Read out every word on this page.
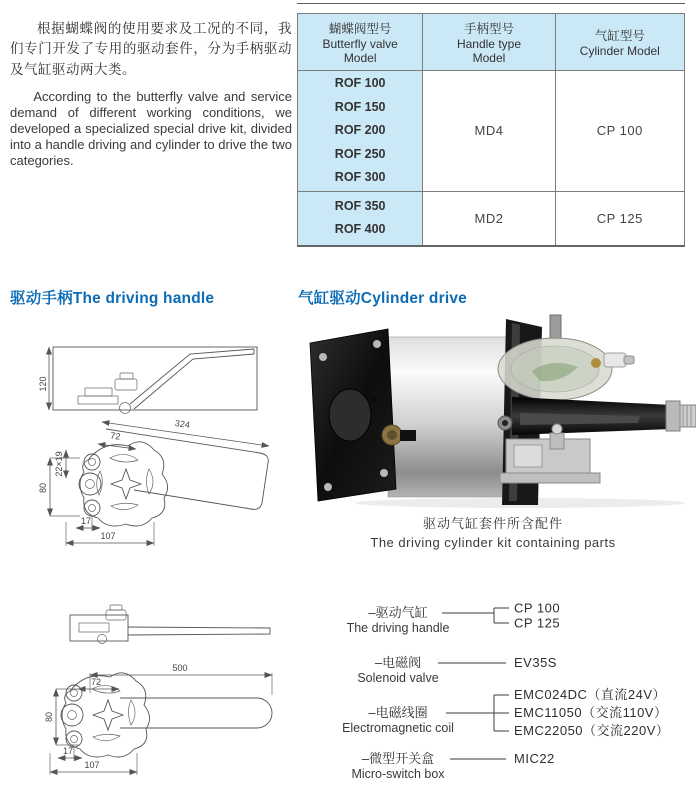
根据蝴蝶阀的使用要求及工况的不同，我们专门开发了专用的驱动套件，分为手柄驱动及气缸驱动两大类。

According to the butterfly valve and service demand of different working conditions, we developed a specialized special drive kit, divided into a handle driving and cylinder to drive the two categories.

蝴蝶阀型号
Butterfly valve
Model	手柄型号
Handle type
Model	气缸型号
Cylinder Model

ROF 100
ROF 150
ROF 200
ROF 250
ROF 300	MD4	CP 100

ROF 350
ROF 400	MD2	CP 125
驱动手柄The driving handle	气缸驱动Cylinder drive
120
324
72
22×19
80
17
107
500
72
80
17
107
驱动气缸套件所含配件
The driving cylinder kit containing parts
–驱动气缸
The driving handle
CP 100
CP 125
–电磁阀
Solenoid valve
EV35S
–电磁线圈
Electromagnetic coil
EMC024DC（直流24V）
EMC11050（交流110V）
EMC22050（交流220V）
–微型开关盒
Micro-switch box
MIC22
